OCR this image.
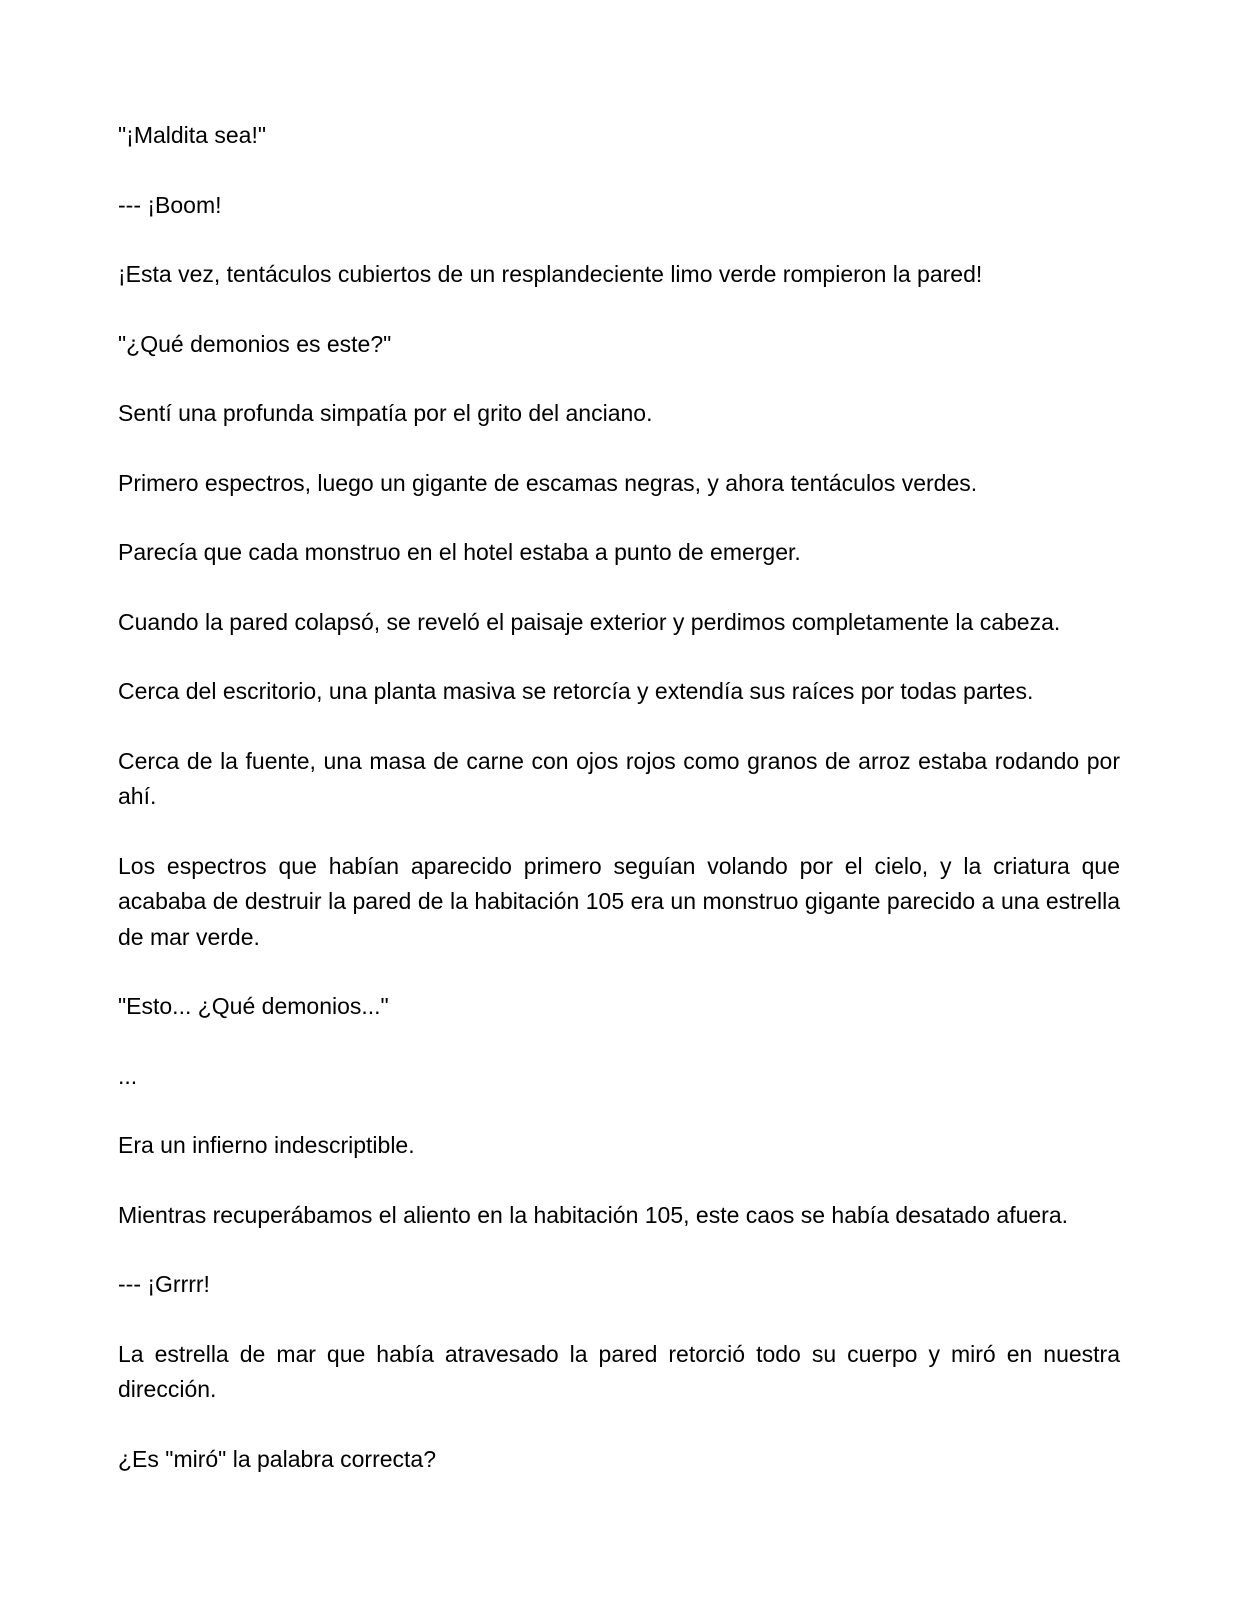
"¡Maldita sea!"

--- ¡Boom!

¡Esta vez, tentáculos cubiertos de un resplandeciente limo verde rompieron la pared!

"¿Qué demonios es este?"

Sentí una profunda simpatía por el grito del anciano.

Primero espectros, luego un gigante de escamas negras, y ahora tentáculos verdes.

Parecía que cada monstruo en el hotel estaba a punto de emerger.

Cuando la pared colapsó, se reveló el paisaje exterior y perdimos completamente la cabeza.

Cerca del escritorio, una planta masiva se retorcía y extendía sus raíces por todas partes.

Cerca de la fuente, una masa de carne con ojos rojos como granos de arroz estaba rodando por ahí.

Los espectros que habían aparecido primero seguían volando por el cielo, y la criatura que acababa de destruir la pared de la habitación 105 era un monstruo gigante parecido a una estrella de mar verde.

"Esto... ¿Qué demonios..."

...

Era un infierno indescriptible.

Mientras recuperábamos el aliento en la habitación 105, este caos se había desatado afuera.

--- ¡Grrrr!

La estrella de mar que había atravesado la pared retorció todo su cuerpo y miró en nuestra dirección.

¿Es "miró" la palabra correcta?
